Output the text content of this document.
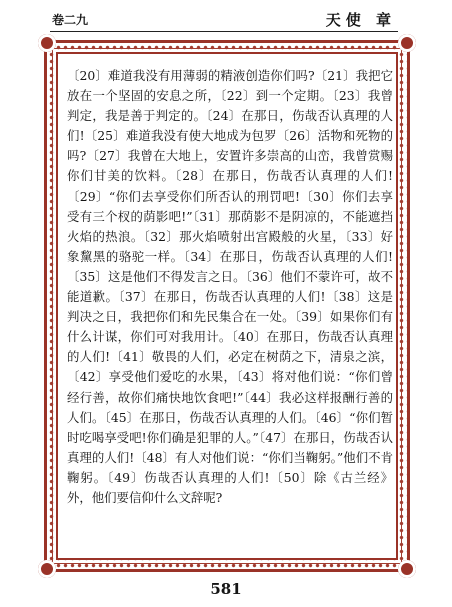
卷二九	天使 章

〔20〕难道我没有用薄弱的精液创造你们吗?〔21〕我把它放在一个坚固的安息之所，〔22〕到一个定期。〔23〕我曾判定，我是善于判定的。〔24〕在那日，伤哉否认真理的人们!〔25〕难道我没有使大地成为包罗〔26〕活物和死物的吗?〔27〕我曾在大地上，安置许多崇高的山峦，我曾赏赐你们甘美的饮料。〔28〕在那日，伤哉否认真理的人们!〔29〕“你们去享受你们所否认的刑罚吧!〔30〕你们去享受有三个杈的荫影吧!”〔31〕那荫影不是阴凉的，不能遮挡火焰的热浪。〔32〕那火焰喷射出宫殿般的火星，〔33〕好象黧黑的骆驼一样。〔34〕在那日，伤哉否认真理的人们!〔35〕这是他们不得发言之日。〔36〕他们不蒙许可，故不能道歉。〔37〕在那日，伤哉否认真理的人们!〔38〕这是判决之日，我把你们和先民集合在一处。〔39〕如果你们有什么计谋，你们可对我用计。〔40〕在那日，伤哉否认真理的人们!〔41〕敬畏的人们，必定在树荫之下，清泉之滨，〔42〕享受他们爱吃的水果，〔43〕将对他们说：“你们曾经行善，故你们痛快地饮食吧!”〔44〕我必这样报酬行善的人们。〔45〕在那日，伤哉否认真理的人们。〔46〕“你们暂时吃喝享受吧!你们确是犯罪的人。”〔47〕在那日，伤哉否认真理的人们!〔48〕有人对他们说：“你们当鞠躬。”他们不肯鞠躬。〔49〕伤哉否认真理的人们!〔50〕除《古兰经》外，他们要信仰什么文辞呢?

581
